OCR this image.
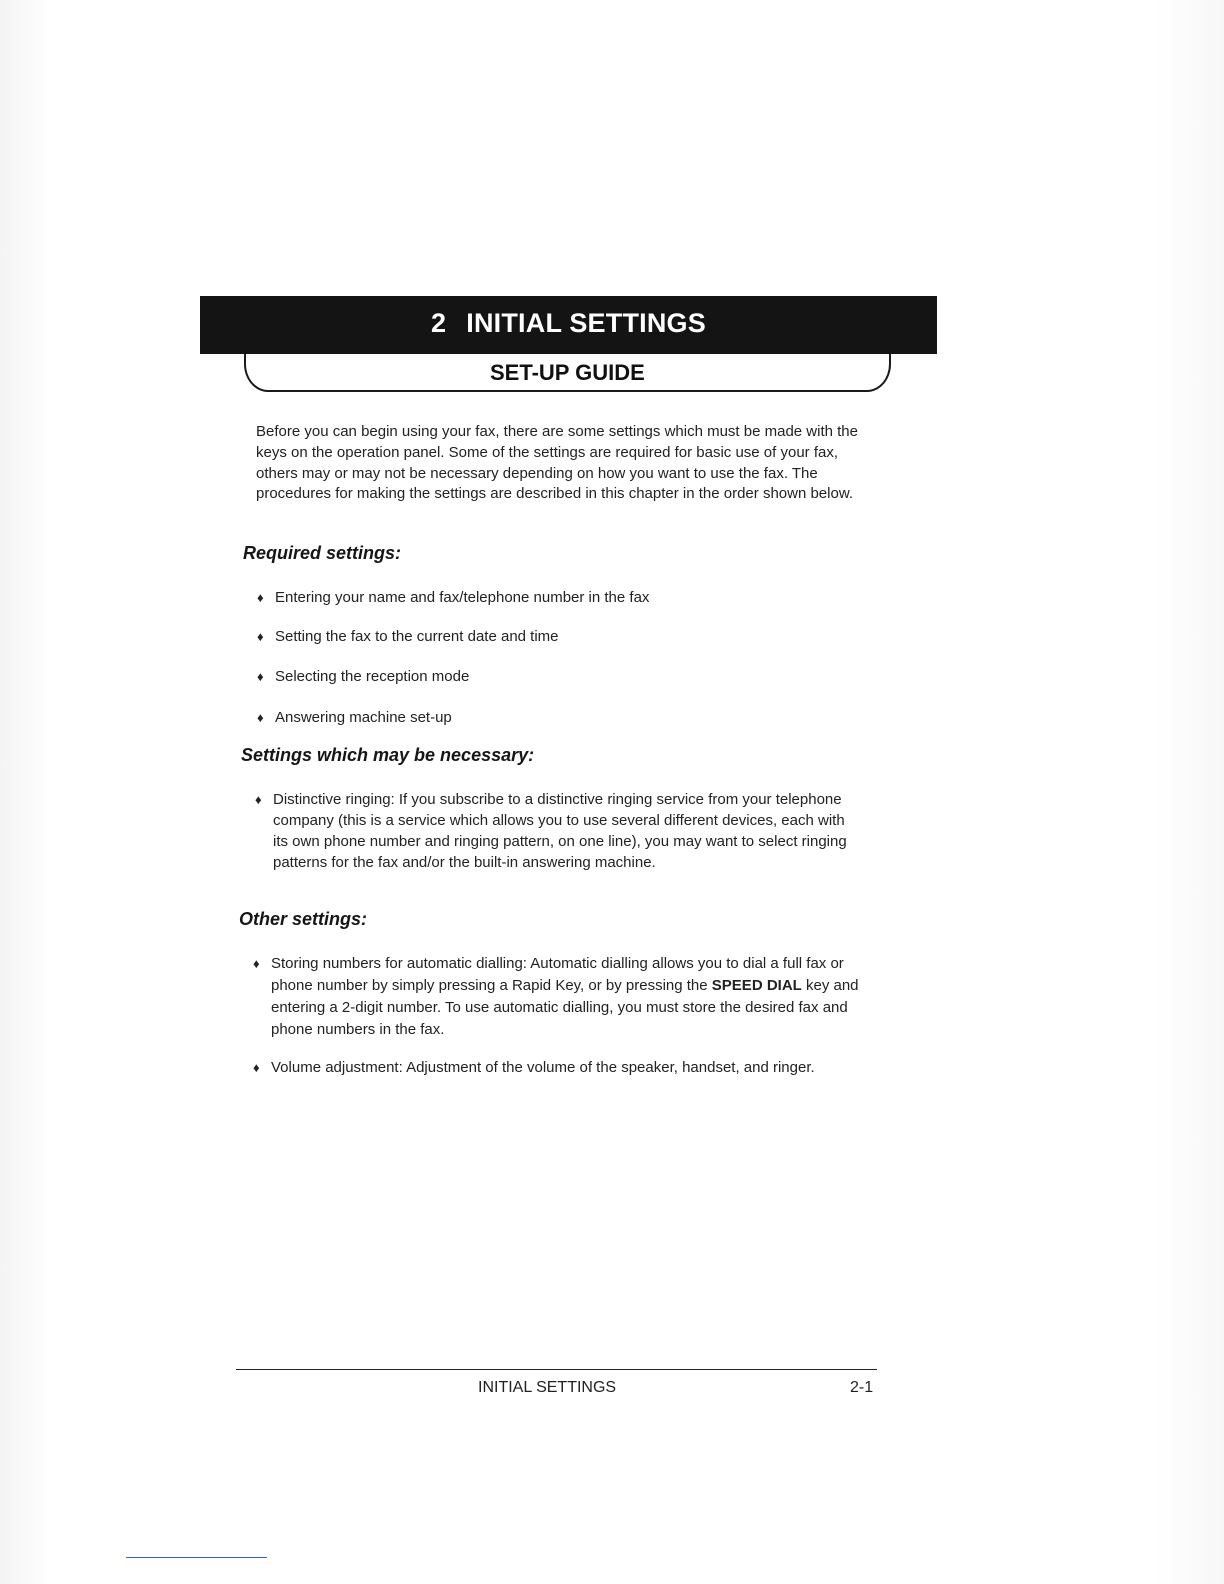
2 INITIAL SETTINGS
SET-UP GUIDE
Before you can begin using your fax, there are some settings which must be made with the keys on the operation panel. Some of the settings are required for basic use of your fax, others may or may not be necessary depending on how you want to use the fax. The procedures for making the settings are described in this chapter in the order shown below.
Required settings:
♦ Entering your name and fax/telephone number in the fax
♦ Setting the fax to the current date and time
♦ Selecting the reception mode
♦ Answering machine set-up
Settings which may be necessary:
♦ Distinctive ringing: If you subscribe to a distinctive ringing service from your telephone company (this is a service which allows you to use several different devices, each with its own phone number and ringing pattern, on one line), you may want to select ringing patterns for the fax and/or the built-in answering machine.
Other settings:
♦ Storing numbers for automatic dialling: Automatic dialling allows you to dial a full fax or phone number by simply pressing a Rapid Key, or by pressing the SPEED DIAL key and entering a 2-digit number. To use automatic dialling, you must store the desired fax and phone numbers in the fax.
♦ Volume adjustment: Adjustment of the volume of the speaker, handset, and ringer.
INITIAL SETTINGS	2-1
